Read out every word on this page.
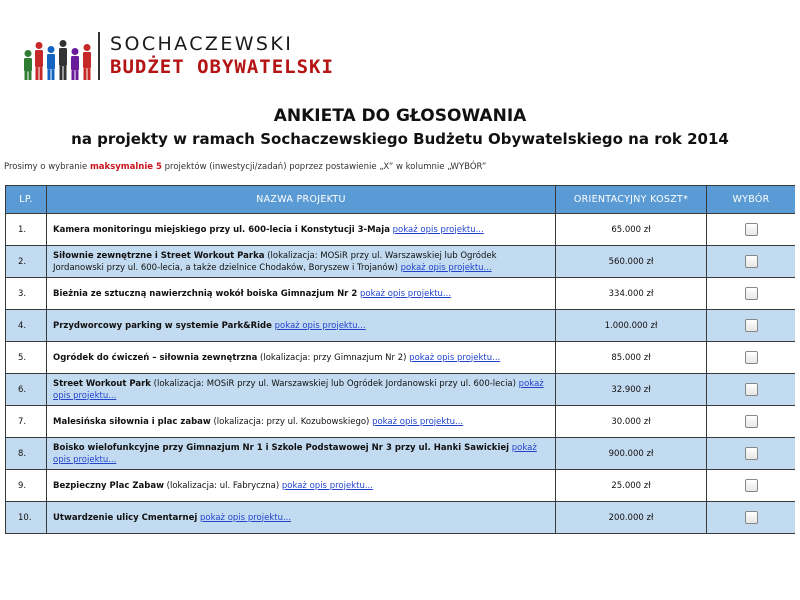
SOCHACZEWSKI
BUDŻET OBYWATELSKI
ANKIETA DO GŁOSOWANIA
na projekty w ramach Sochaczewskiego Budżetu Obywatelskiego na rok 2014
Prosimy o wybranie maksymalnie 5 projektów (inwestycji/zadań) poprzez postawienie „X” w kolumnie „WYBÓR”
LP.	NAZWA PROJEKTU	ORIENTACYJNY KOSZT*	WYBÓR
1.	Kamera monitoringu miejskiego przy ul. 600-lecia i Konstytucji 3-Maja pokaż opis projektu...	65.000 zł	
2.	Siłownie zewnętrzne i Street Workout Parka (lokalizacja: MOSiR przy ul. Warszawskiej lub Ogródek Jordanowski przy ul. 600-lecia, a także dzielnice Chodaków, Boryszew i Trojanów) pokaż opis projektu...	560.000 zł	
3.	Bieżnia ze sztuczną nawierzchnią wokół boiska Gimnazjum Nr 2 pokaż opis projektu...	334.000 zł	
4.	Przydworcowy parking w systemie Park&Ride pokaż opis projektu...	1.000.000 zł	
5.	Ogródek do ćwiczeń – siłownia zewnętrzna (lokalizacja: przy Gimnazjum Nr 2) pokaż opis projektu...	85.000 zł	
6.	Street Workout Park (lokalizacja: MOSiR przy ul. Warszawskiej lub Ogródek Jordanowski przy ul. 600-lecia) pokaż opis projektu...	32.900 zł	
7.	Malesińska siłownia i plac zabaw (lokalizacja: przy ul. Kozubowskiego) pokaż opis projektu...	30.000 zł	
8.	Boisko wielofunkcyjne przy Gimnazjum Nr 1 i Szkole Podstawowej Nr 3 przy ul. Hanki Sawickiej pokaż opis projektu...	900.000 zł	
9.	Bezpieczny Plac Zabaw (lokalizacja: ul. Fabryczna) pokaż opis projektu...	25.000 zł	
10.	Utwardzenie ulicy Cmentarnej pokaż opis projektu...	200.000 zł	
